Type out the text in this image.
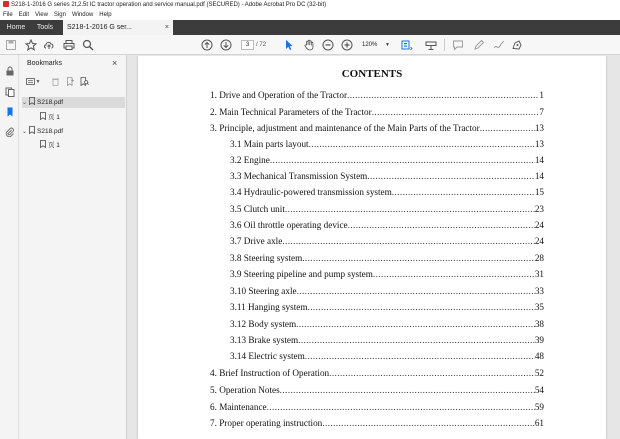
S218-1-2016 G series 2t,2.5t IC tractor operation and service manual.pdf (SECURED) - Adobe Acrobat Pro DC (32-bit)
File Edit View Sign Window Help
Home	Tools	S218-1-2016 G ser...	×
3	/ 72	120% ▼
Bookmarks	×
▼
⌄ S218.pdf
页 1
⌄ S218.pdf
页 1
CONTENTS
1. Drive and Operation of the Tractor .....	1
2. Main Technical Parameters of the Tractor .....	7
3. Principle, adjustment and maintenance of the Main Parts of the Tractor .....	13
3.1 Main parts layout .....	13
3.2 Engine .....	14
3.3 Mechanical Transmission System .....	14
3.4 Hydraulic-powered transmission system .....	15
3.5 Clutch unit .....	23
3.6 Oil throttle operating device .....	24
3.7 Drive axle .....	24
3.8 Steering system .....	28
3.9 Steering pipeline and pump system .....	31
3.10 Steering axle .....	33
3.11 Hanging system .....	35
3.12 Body system .....	38
3.13 Brake system .....	39
3.14 Electric system .....	48
4. Brief Instruction of Operation .....	52
5. Operation Notes .....	54
6. Maintenance .....	59
7. Proper operating instruction .....	61
